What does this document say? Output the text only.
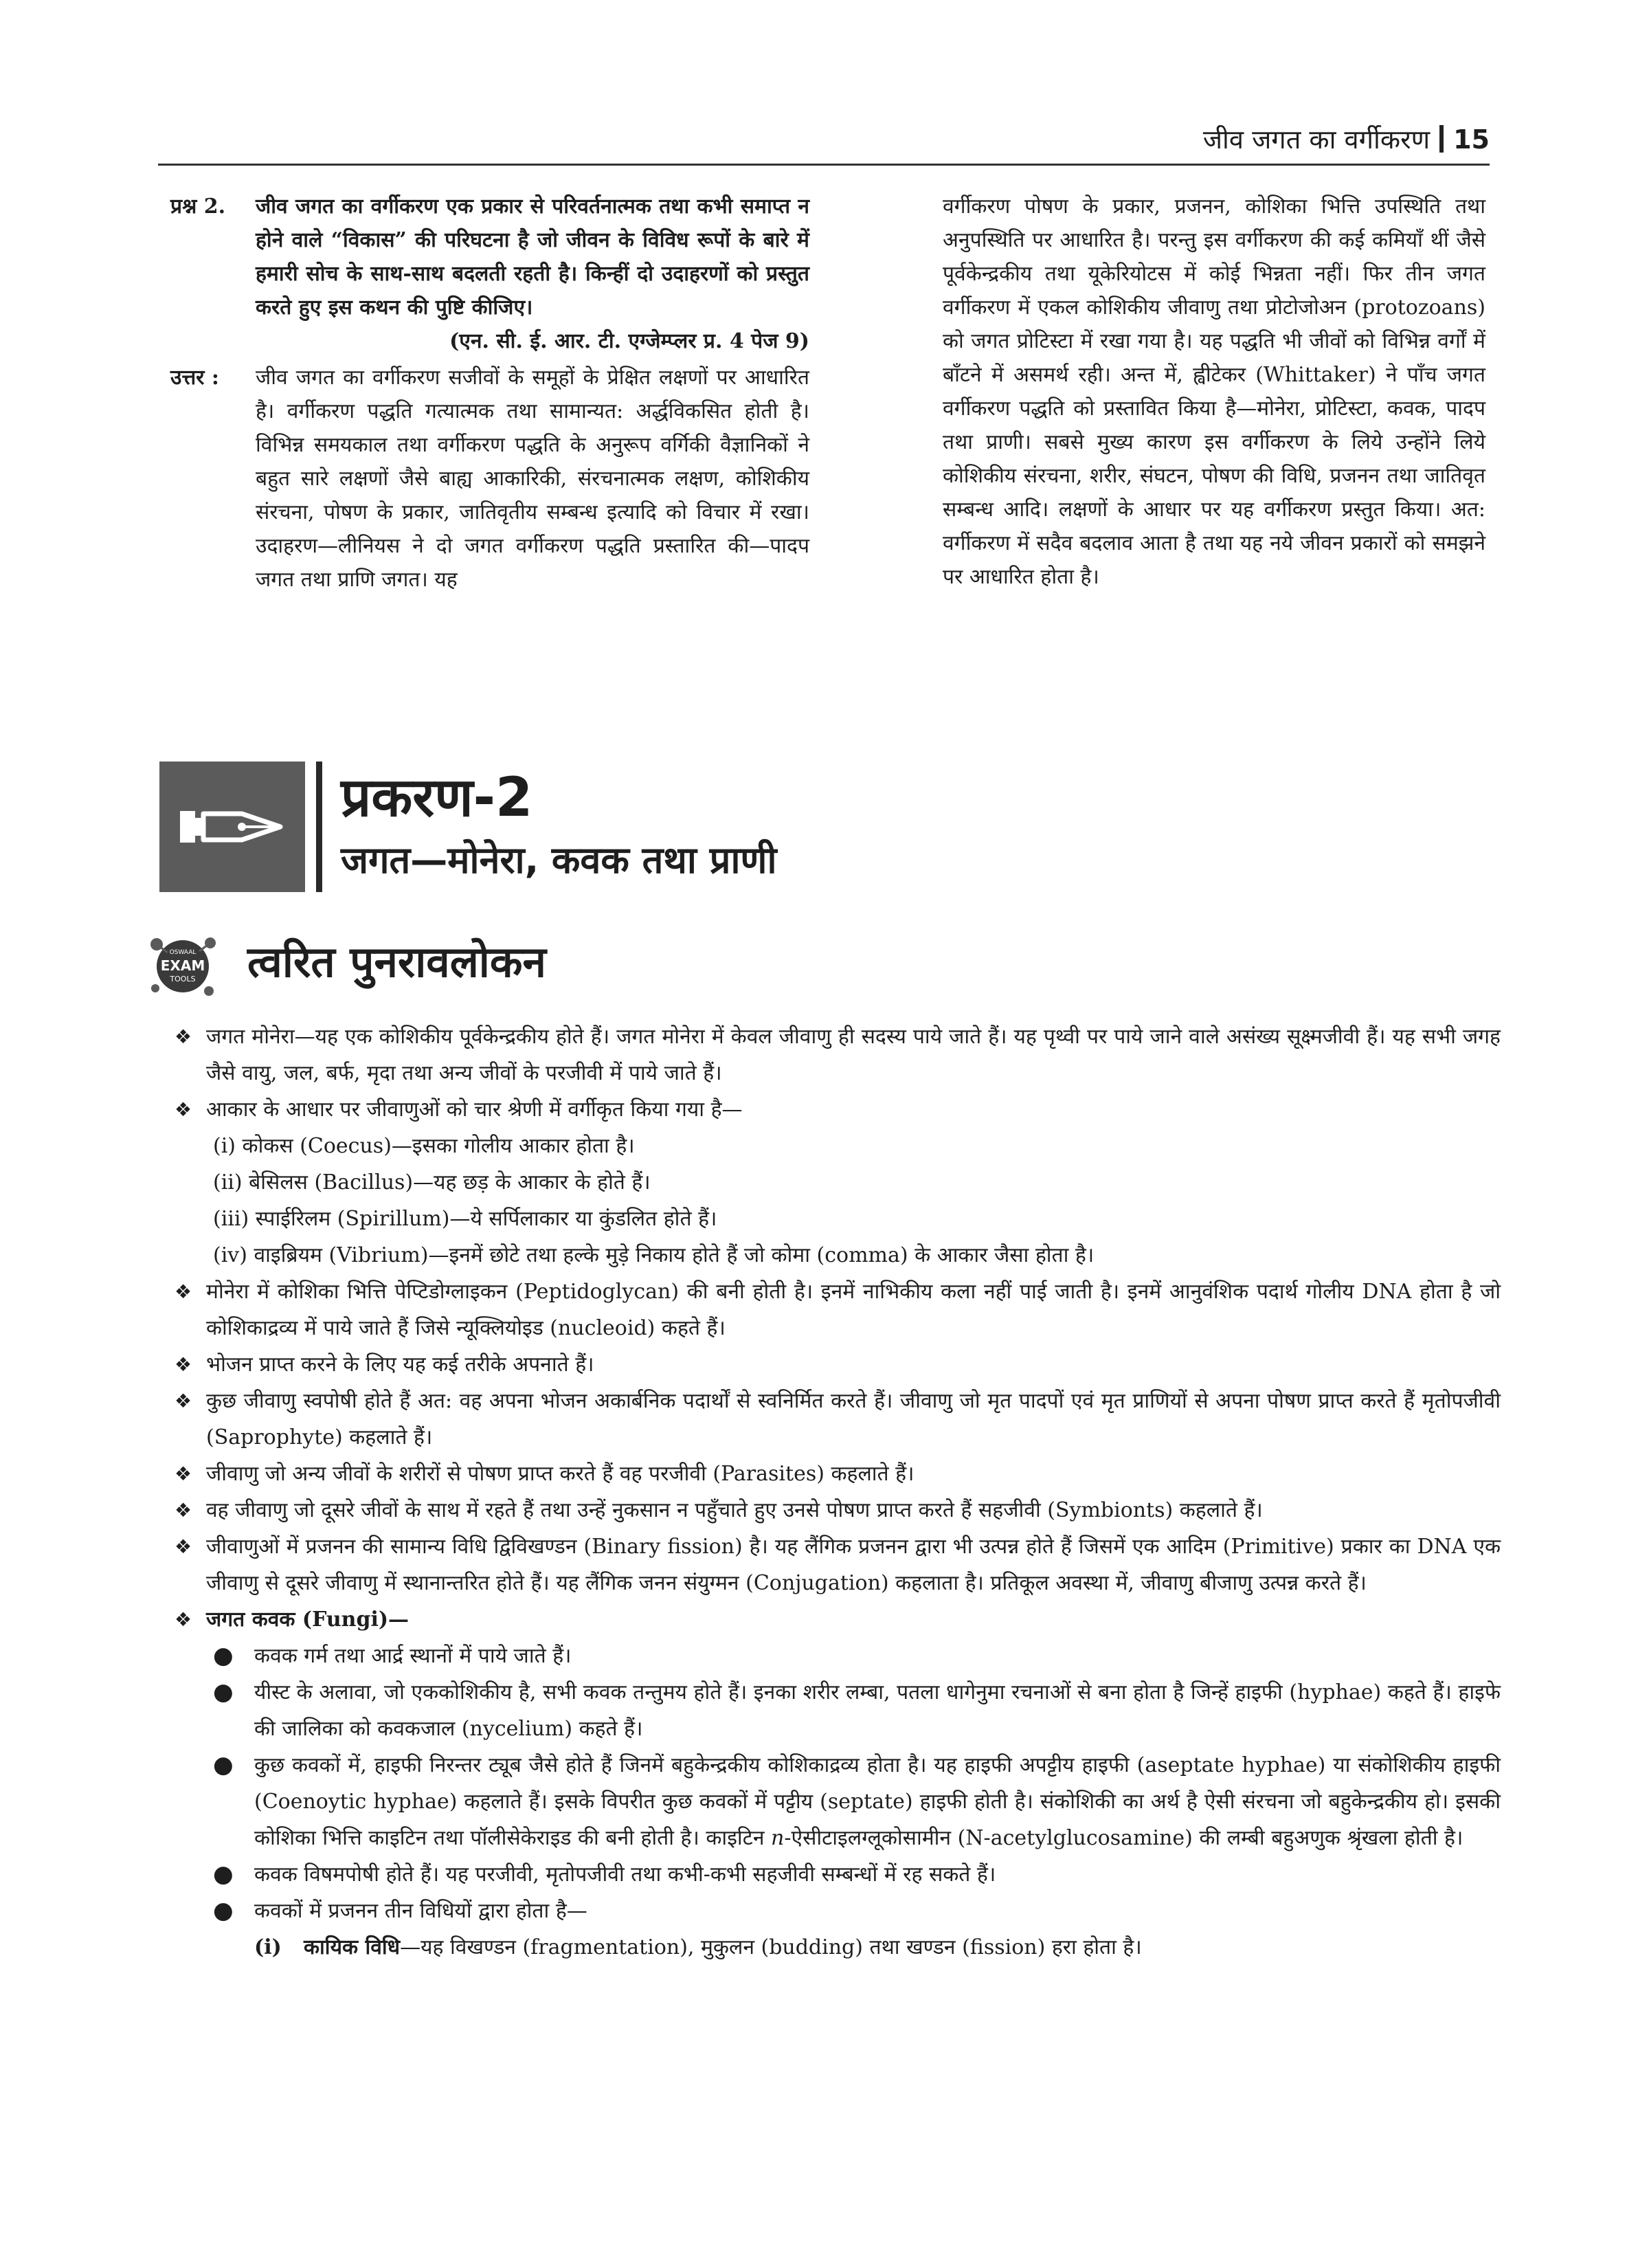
जीव जगत का वर्गीकरण 15
प्रश्न 2.	जीव जगत का वर्गीकरण एक प्रकार से परिवर्तनात्मक तथा कभी समाप्त न होने वाले “विकास” की परिघटना है जो जीवन के विविध रूपों के बारे में हमारी सोच के साथ-साथ बदलती रहती है। किन्हीं दो उदाहरणों को प्रस्तुत करते हुए इस कथन की पुष्टि कीजिए।
(एन. सी. ई. आर. टी. एग्जेम्प्लर प्र. 4 पेज 9)
उत्तर :	जीव जगत का वर्गीकरण सजीवों के समूहों के प्रेक्षित लक्षणों पर आधारित है। वर्गीकरण पद्धति गत्यात्मक तथा सामान्यत: अर्द्धविकसित होती है। विभिन्न समयकाल तथा वर्गीकरण पद्धति के अनुरूप वर्गिकी वैज्ञानिकों ने बहुत सारे लक्षणों जैसे बाह्य आकारिकी, संरचनात्मक लक्षण, कोशिकीय संरचना, पोषण के प्रकार, जातिवृतीय सम्बन्ध इत्यादि को विचार में रखा। उदाहरण—लीनियस ने दो जगत वर्गीकरण पद्धति प्रस्तारित की—पादप जगत तथा प्राणि जगत। यह
वर्गीकरण पोषण के प्रकार, प्रजनन, कोशिका भित्ति उपस्थिति तथा अनुपस्थिति पर आधारित है। परन्तु इस वर्गीकरण की कई कमियाँ थीं जैसे पूर्वकेन्द्रकीय तथा यूकेरियोटस में कोई भिन्नता नहीं। फिर तीन जगत वर्गीकरण में एकल कोशिकीय जीवाणु तथा प्रोटोजोअन (protozoans) को जगत प्रोटिस्टा में रखा गया है। यह पद्धति भी जीवों को विभिन्न वर्गों में बाँटने में असमर्थ रही। अन्त में, ह्वीटेकर (Whittaker) ने पाँच जगत वर्गीकरण पद्धति को प्रस्तावित किया है—मोनेरा, प्रोटिस्टा, कवक, पादप तथा प्राणी। सबसे मुख्य कारण इस वर्गीकरण के लिये उन्होंने लिये कोशिकीय संरचना, शरीर, संघटन, पोषण की विधि, प्रजनन तथा जातिवृत सम्बन्ध आदि। लक्षणों के आधार पर यह वर्गीकरण प्रस्तुत किया। अत: वर्गीकरण में सदैव बदलाव आता है तथा यह नये जीवन प्रकारों को समझने पर आधारित होता है।
प्रकरण-2
जगत—मोनेरा, कवक तथा प्राणी
OSWAAL
EXAM
TOOLS त्वरित पुनरावलोकन
❖ जगत मोनेरा—यह एक कोशिकीय पूर्वकेन्द्रकीय होते हैं। जगत मोनेरा में केवल जीवाणु ही सदस्य पाये जाते हैं। यह पृथ्वी पर पाये जाने वाले असंख्य सूक्ष्मजीवी हैं। यह सभी जगह जैसे वायु, जल, बर्फ, मृदा तथा अन्य जीवों के परजीवी में पाये जाते हैं।
❖ आकार के आधार पर जीवाणुओं को चार श्रेणी में वर्गीकृत किया गया है—
(i) कोकस (Coecus)—इसका गोलीय आकार होता है।
(ii) बेसिलस (Bacillus)—यह छड़ के आकार के होते हैं।
(iii) स्पाईरिलम (Spirillum)—ये सर्पिलाकार या कुंडलित होते हैं।
(iv) वाइब्रियम (Vibrium)—इनमें छोटे तथा हल्के मुड़े निकाय होते हैं जो कोमा (comma) के आकार जैसा होता है।
❖ मोनेरा में कोशिका भित्ति पेप्टिडोग्लाइकन (Peptidoglycan) की बनी होती है। इनमें नाभिकीय कला नहीं पाई जाती है। इनमें आनुवंशिक पदार्थ गोलीय DNA होता है जो कोशिकाद्रव्य में पाये जाते हैं जिसे न्यूक्लियोइड (nucleoid) कहते हैं।
❖ भोजन प्राप्त करने के लिए यह कई तरीके अपनाते हैं।
❖ कुछ जीवाणु स्वपोषी होते हैं अत: वह अपना भोजन अकार्बनिक पदार्थों से स्वनिर्मित करते हैं। जीवाणु जो मृत पादपों एवं मृत प्राणियों से अपना पोषण प्राप्त करते हैं मृतोपजीवी (Saprophyte) कहलाते हैं।
❖ जीवाणु जो अन्य जीवों के शरीरों से पोषण प्राप्त करते हैं वह परजीवी (Parasites) कहलाते हैं।
❖ वह जीवाणु जो दूसरे जीवों के साथ में रहते हैं तथा उन्हें नुकसान न पहुँचाते हुए उनसे पोषण प्राप्त करते हैं सहजीवी (Symbionts) कहलाते हैं।
❖ जीवाणुओं में प्रजनन की सामान्य विधि द्विविखण्डन (Binary fission) है। यह लैंगिक प्रजनन द्वारा भी उत्पन्न होते हैं जिसमें एक आदिम (Primitive) प्रकार का DNA एक जीवाणु से दूसरे जीवाणु में स्थानान्तरित होते हैं। यह लैंगिक जनन संयुग्मन (Conjugation) कहलाता है। प्रतिकूल अवस्था में, जीवाणु बीजाणु उत्पन्न करते हैं।
❖ जगत कवक (Fungi)—
●	कवक गर्म तथा आर्द्र स्थानों में पाये जाते हैं।
●	यीस्ट के अलावा, जो एककोशिकीय है, सभी कवक तन्तुमय होते हैं। इनका शरीर लम्बा, पतला धागेनुमा रचनाओं से बना होता है जिन्हें हाइफी (hyphae) कहते हैं। हाइफे की जालिका को कवकजाल (nycelium) कहते हैं।
●	कुछ कवकों में, हाइफी निरन्तर ट्यूब जैसे होते हैं जिनमें बहुकेन्द्रकीय कोशिकाद्रव्य होता है। यह हाइफी अपट्टीय हाइफी (aseptate hyphae) या संकोशिकीय हाइफी (Coenoytic hyphae) कहलाते हैं। इसके विपरीत कुछ कवकों में पट्टीय (septate) हाइफी होती है। संकोशिकी का अर्थ है ऐसी संरचना जो बहुकेन्द्रकीय हो। इसकी कोशिका भित्ति काइटिन तथा पॉलीसेकेराइड की बनी होती है। काइटिन n-ऐसीटाइलग्लूकोसामीन (N-acetylglucosamine) की लम्बी बहुअणुक श्रृंखला होती है।
●	कवक विषमपोषी होते हैं। यह परजीवी, मृतोपजीवी तथा कभी-कभी सहजीवी सम्बन्धों में रह सकते हैं।
●	कवकों में प्रजनन तीन विधियों द्वारा होता है—
(i)	कायिक विधि—यह विखण्डन (fragmentation), मुकुलन (budding) तथा खण्डन (fission) हरा होता है।
